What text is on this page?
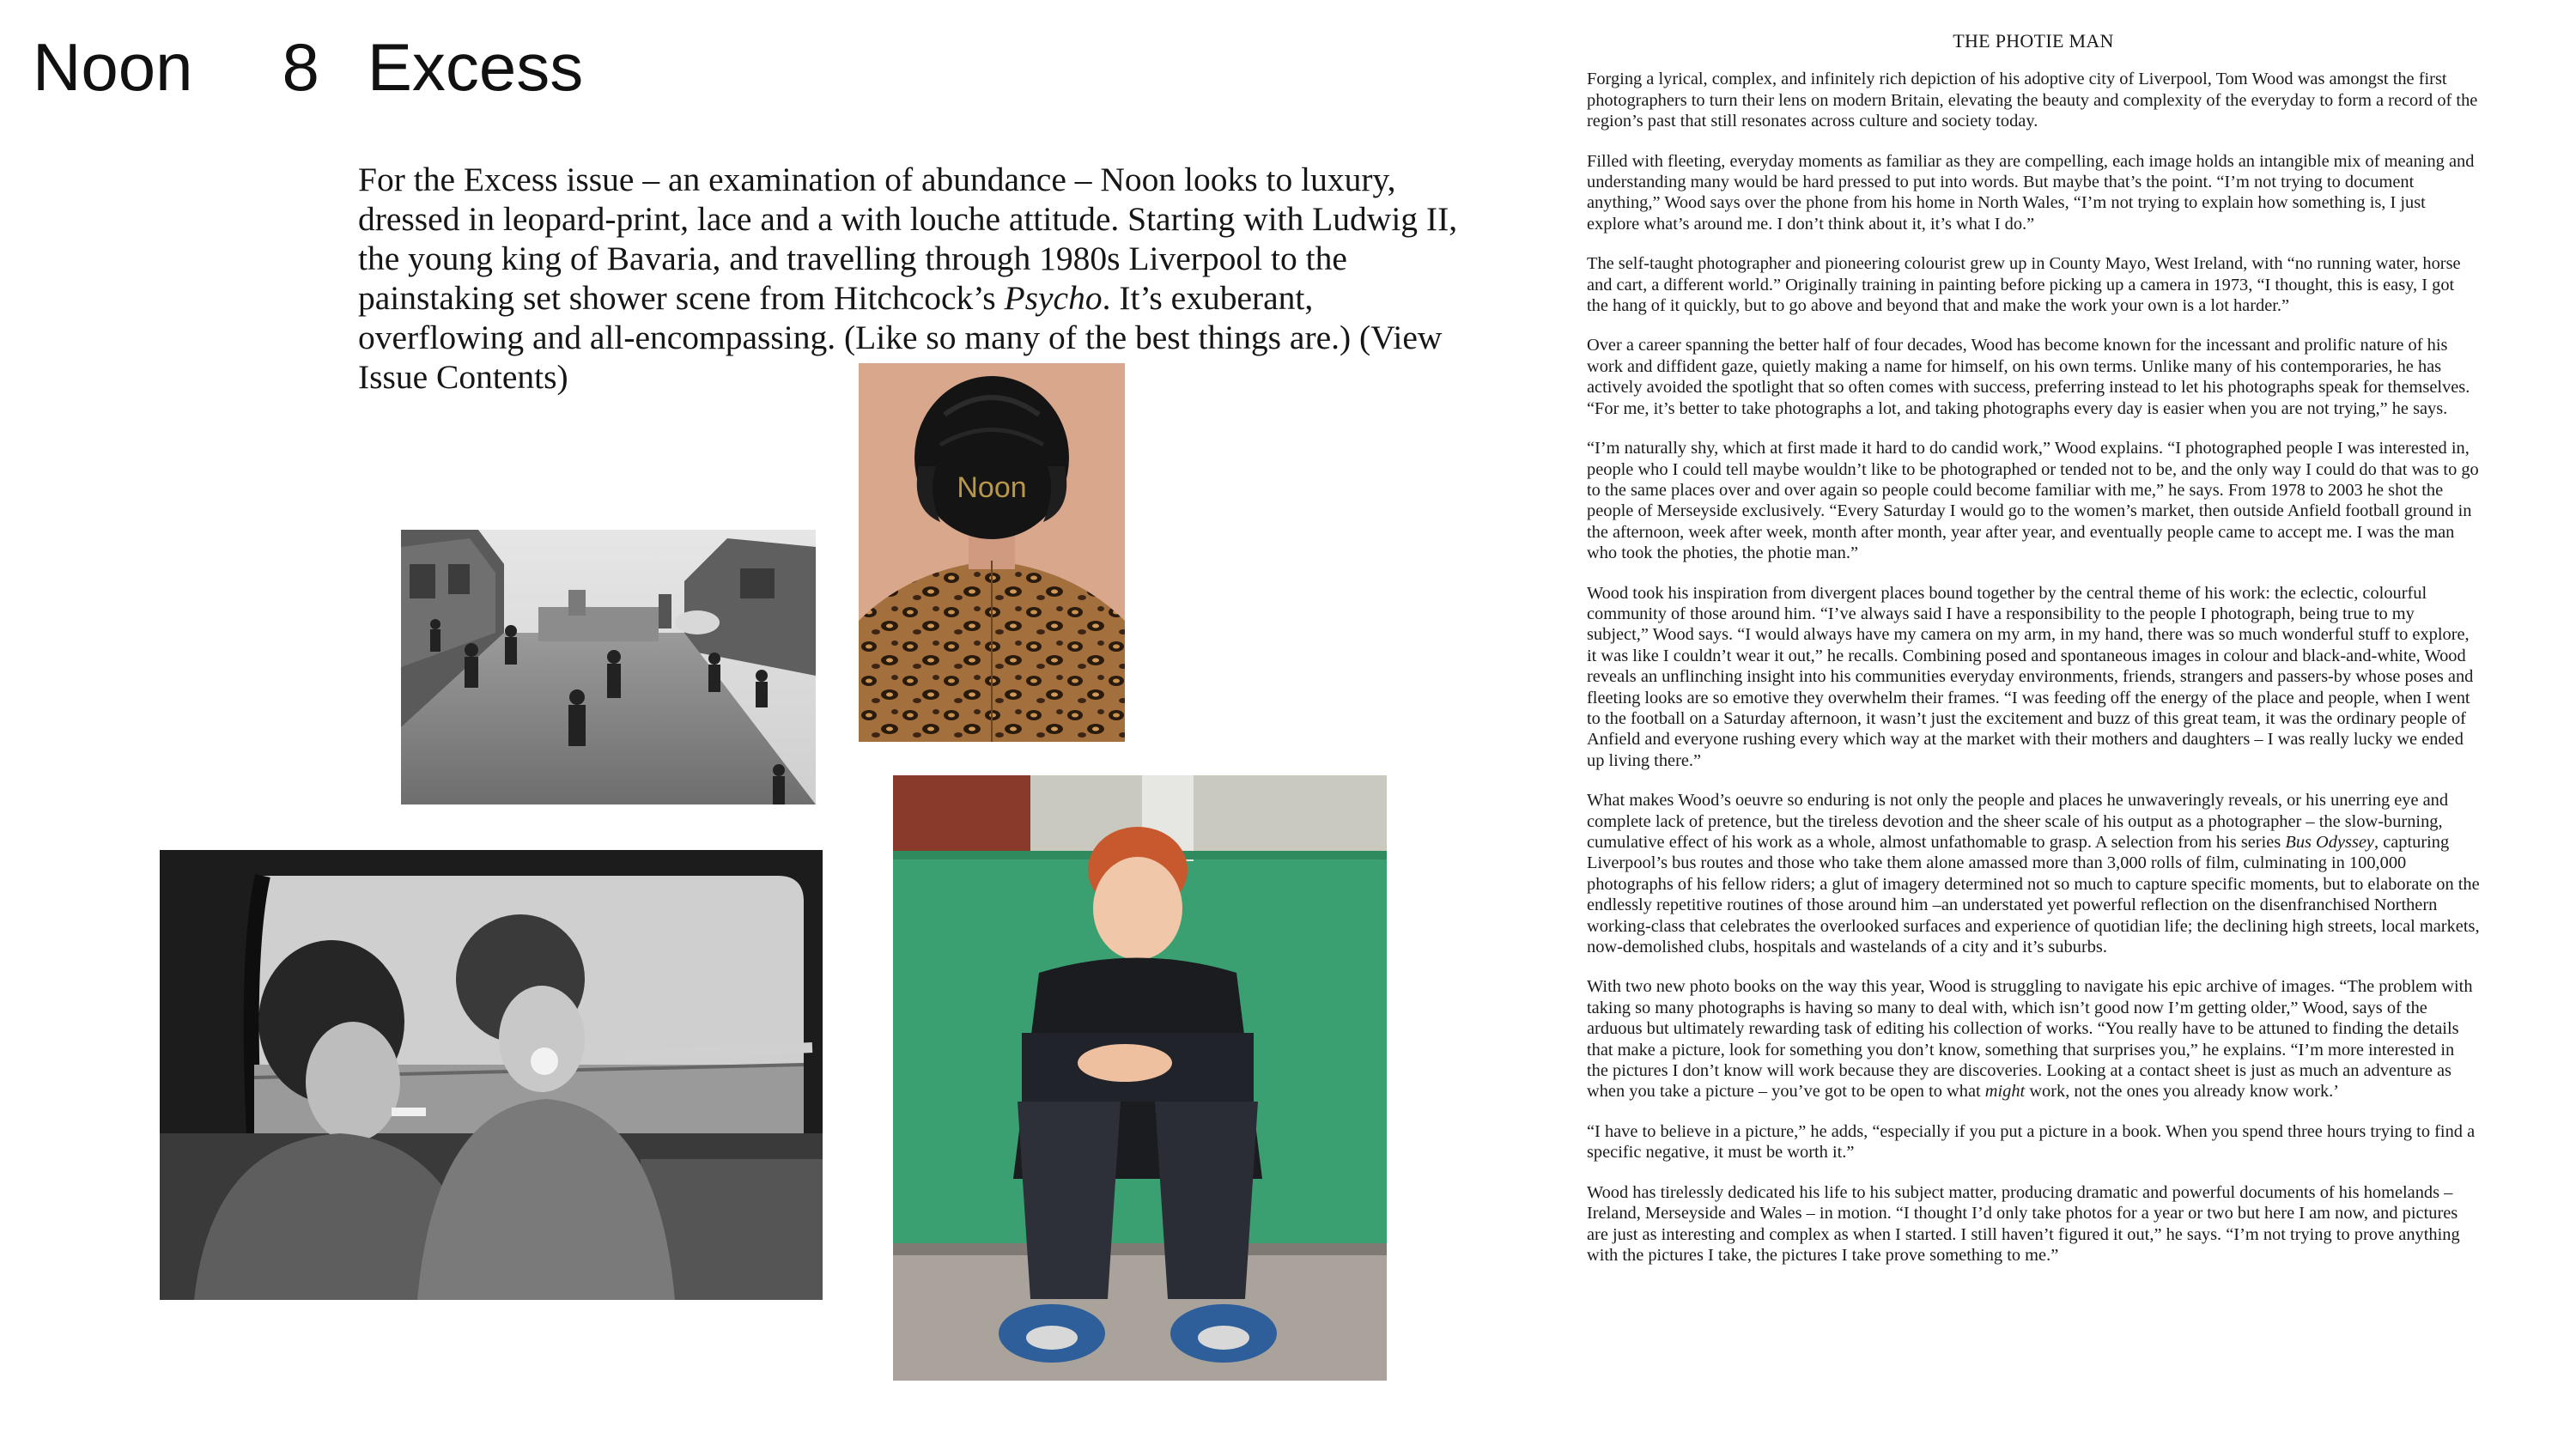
Noon 8 Excess

For the Excess issue – an examination of abundance – Noon looks to luxury, dressed in leopard-print, lace and a with louche attitude. Starting with Ludwig II, the young king of Bavaria, and travelling through 1980s Liverpool to the painstaking set shower scene from Hitchcock’s Psycho. It’s exuberant, overflowing and all-encompassing. (Like so many of the best things are.) (View Issue Contents)

Noon
THE PHOTIE MAN

Forging a lyrical, complex, and infinitely rich depiction of his adoptive city of Liverpool, Tom Wood was amongst the first photographers to turn their lens on modern Britain, elevating the beauty and complexity of the everyday to form a record of the region’s past that still resonates across culture and society today.

Filled with fleeting, everyday moments as familiar as they are compelling, each image holds an intangible mix of meaning and understanding many would be hard pressed to put into words. But maybe that’s the point. “I’m not trying to document anything,” Wood says over the phone from his home in North Wales, “I’m not trying to explain how something is, I just explore what’s around me. I don’t think about it, it’s what I do.”

The self-taught photographer and pioneering colourist grew up in County Mayo, West Ireland, with “no running water, horse and cart, a different world.” Originally training in painting before picking up a camera in 1973, “I thought, this is easy, I got the hang of it quickly, but to go above and beyond that and make the work your own is a lot harder.”

Over a career spanning the better half of four decades, Wood has become known for the incessant and prolific nature of his work and diffident gaze, quietly making a name for himself, on his own terms. Unlike many of his contemporaries, he has actively avoided the spotlight that so often comes with success, preferring instead to let his photographs speak for themselves. “For me, it’s better to take photographs a lot, and taking photographs every day is easier when you are not trying,” he says.

“I’m naturally shy, which at first made it hard to do candid work,” Wood explains. “I photographed people I was interested in, people who I could tell maybe wouldn’t like to be photographed or tended not to be, and the only way I could do that was to go to the same places over and over again so people could become familiar with me,” he says. From 1978 to 2003 he shot the people of Merseyside exclusively. “Every Saturday I would go to the women’s market, then outside Anfield football ground in the afternoon, week after week, month after month, year after year, and eventually people came to accept me. I was the man who took the photies, the photie man.”

Wood took his inspiration from divergent places bound together by the central theme of his work: the eclectic, colourful community of those around him. “I’ve always said I have a responsibility to the people I photograph, being true to my subject,” Wood says. “I would always have my camera on my arm, in my hand, there was so much wonderful stuff to explore, it was like I couldn’t wear it out,” he recalls. Combining posed and spontaneous images in colour and black-and-white, Wood reveals an unflinching insight into his communities everyday environments, friends, strangers and passers-by whose poses and fleeting looks are so emotive they overwhelm their frames. “I was feeding off the energy of the place and people, when I went to the football on a Saturday afternoon, it wasn’t just the excitement and buzz of this great team, it was the ordinary people of Anfield and everyone rushing every which way at the market with their mothers and daughters – I was really lucky we ended up living there.”

What makes Wood’s oeuvre so enduring is not only the people and places he unwaveringly reveals, or his unerring eye and complete lack of pretence, but the tireless devotion and the sheer scale of his output as a photographer – the slow-burning, cumulative effect of his work as a whole, almost unfathomable to grasp. A selection from his series Bus Odyssey, capturing Liverpool’s bus routes and those who take them alone amassed more than 3,000 rolls of film, culminating in 100,000 photographs of his fellow riders; a glut of imagery determined not so much to capture specific moments, but to elaborate on the endlessly repetitive routines of those around him –an understated yet powerful reflection on the disenfranchised Northern working-class that celebrates the overlooked surfaces and experience of quotidian life; the declining high streets, local markets, now-demolished clubs, hospitals and wastelands of a city and it’s suburbs.

With two new photo books on the way this year, Wood is struggling to navigate his epic archive of images. “The problem with taking so many photographs is having so many to deal with, which isn’t good now I’m getting older,” Wood, says of the arduous but ultimately rewarding task of editing his collection of works. “You really have to be attuned to finding the details that make a picture, look for something you don’t know, something that surprises you,” he explains. “I’m more interested in the pictures I don’t know will work because they are discoveries. Looking at a contact sheet is just as much an adventure as when you take a picture – you’ve got to be open to what might work, not the ones you already know work.’

“I have to believe in a picture,” he adds, “especially if you put a picture in a book. When you spend three hours trying to find a specific negative, it must be worth it.”

Wood has tirelessly dedicated his life to his subject matter, producing dramatic and powerful documents of his homelands – Ireland, Merseyside and Wales – in motion. “I thought I’d only take photos for a year or two but here I am now, and pictures are just as interesting and complex as when I started. I still haven’t figured it out,” he says. “I’m not trying to prove anything with the pictures I take, the pictures I take prove something to me.”
